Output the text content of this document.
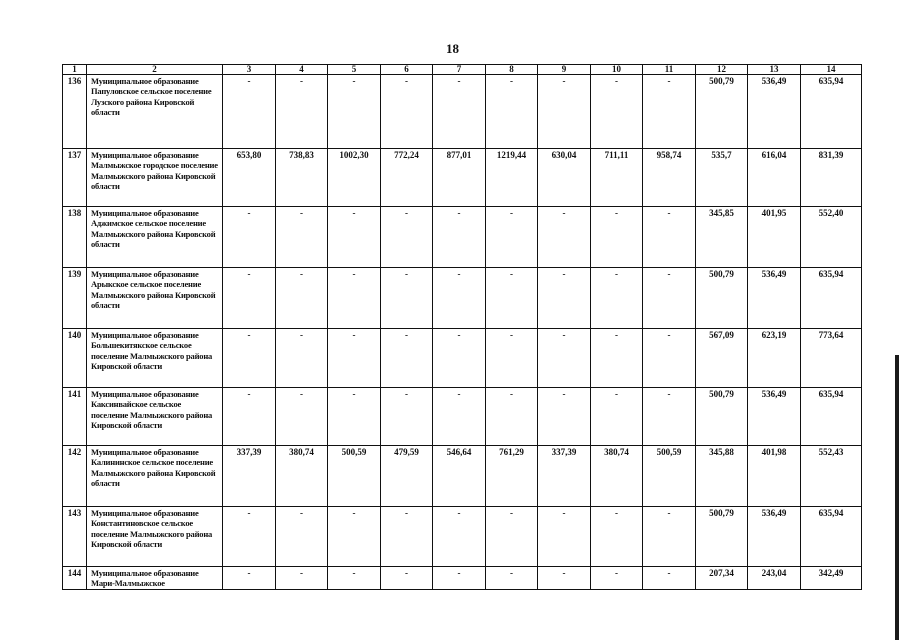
18
1	2	3	4	5	6	7	8	9	10	11	12	13	14
136	Муниципальное образование Папуловское сельское поселение Лузского района Кировской области	-	-	-	-	-	-	-	-	-	500,79	536,49	635,94
137	Муниципальное образование Малмыжское городское поселение Малмыжского района Кировской области	653,80	738,83	1002,30	772,24	877,01	1219,44	630,04	711,11	958,74	535,7	616,04	831,39
138	Муниципальное образование Аджимское сельское поселение Малмыжского района Кировской области	-	-	-	-	-	-	-	-	-	345,85	401,95	552,40
139	Муниципальное образование Арыкское сельское поселение Малмыжского района Кировской области	-	-	-	-	-	-	-	-	-	500,79	536,49	635,94
140	Муниципальное образование Большекитякское сельское поселение Малмыжского района Кировской области	-	-	-	-	-	-	-	-	-	567,09	623,19	773,64
141	Муниципальное образование Каксинвайское сельское поселение Малмыжского района Кировской области	-	-	-	-	-	-	-	-	-	500,79	536,49	635,94
142	Муниципальное образование Калининское сельское поселение Малмыжского района Кировской области	337,39	380,74	500,59	479,59	546,64	761,29	337,39	380,74	500,59	345,88	401,98	552,43
143	Муниципальное образование Константиновское сельское поселение Малмыжского района Кировской области	-	-	-	-	-	-	-	-	-	500,79	536,49	635,94
144	Муниципальное образование Мари-Малмыжское	-	-	-	-	-	-	-	-	-	207,34	243,04	342,49
